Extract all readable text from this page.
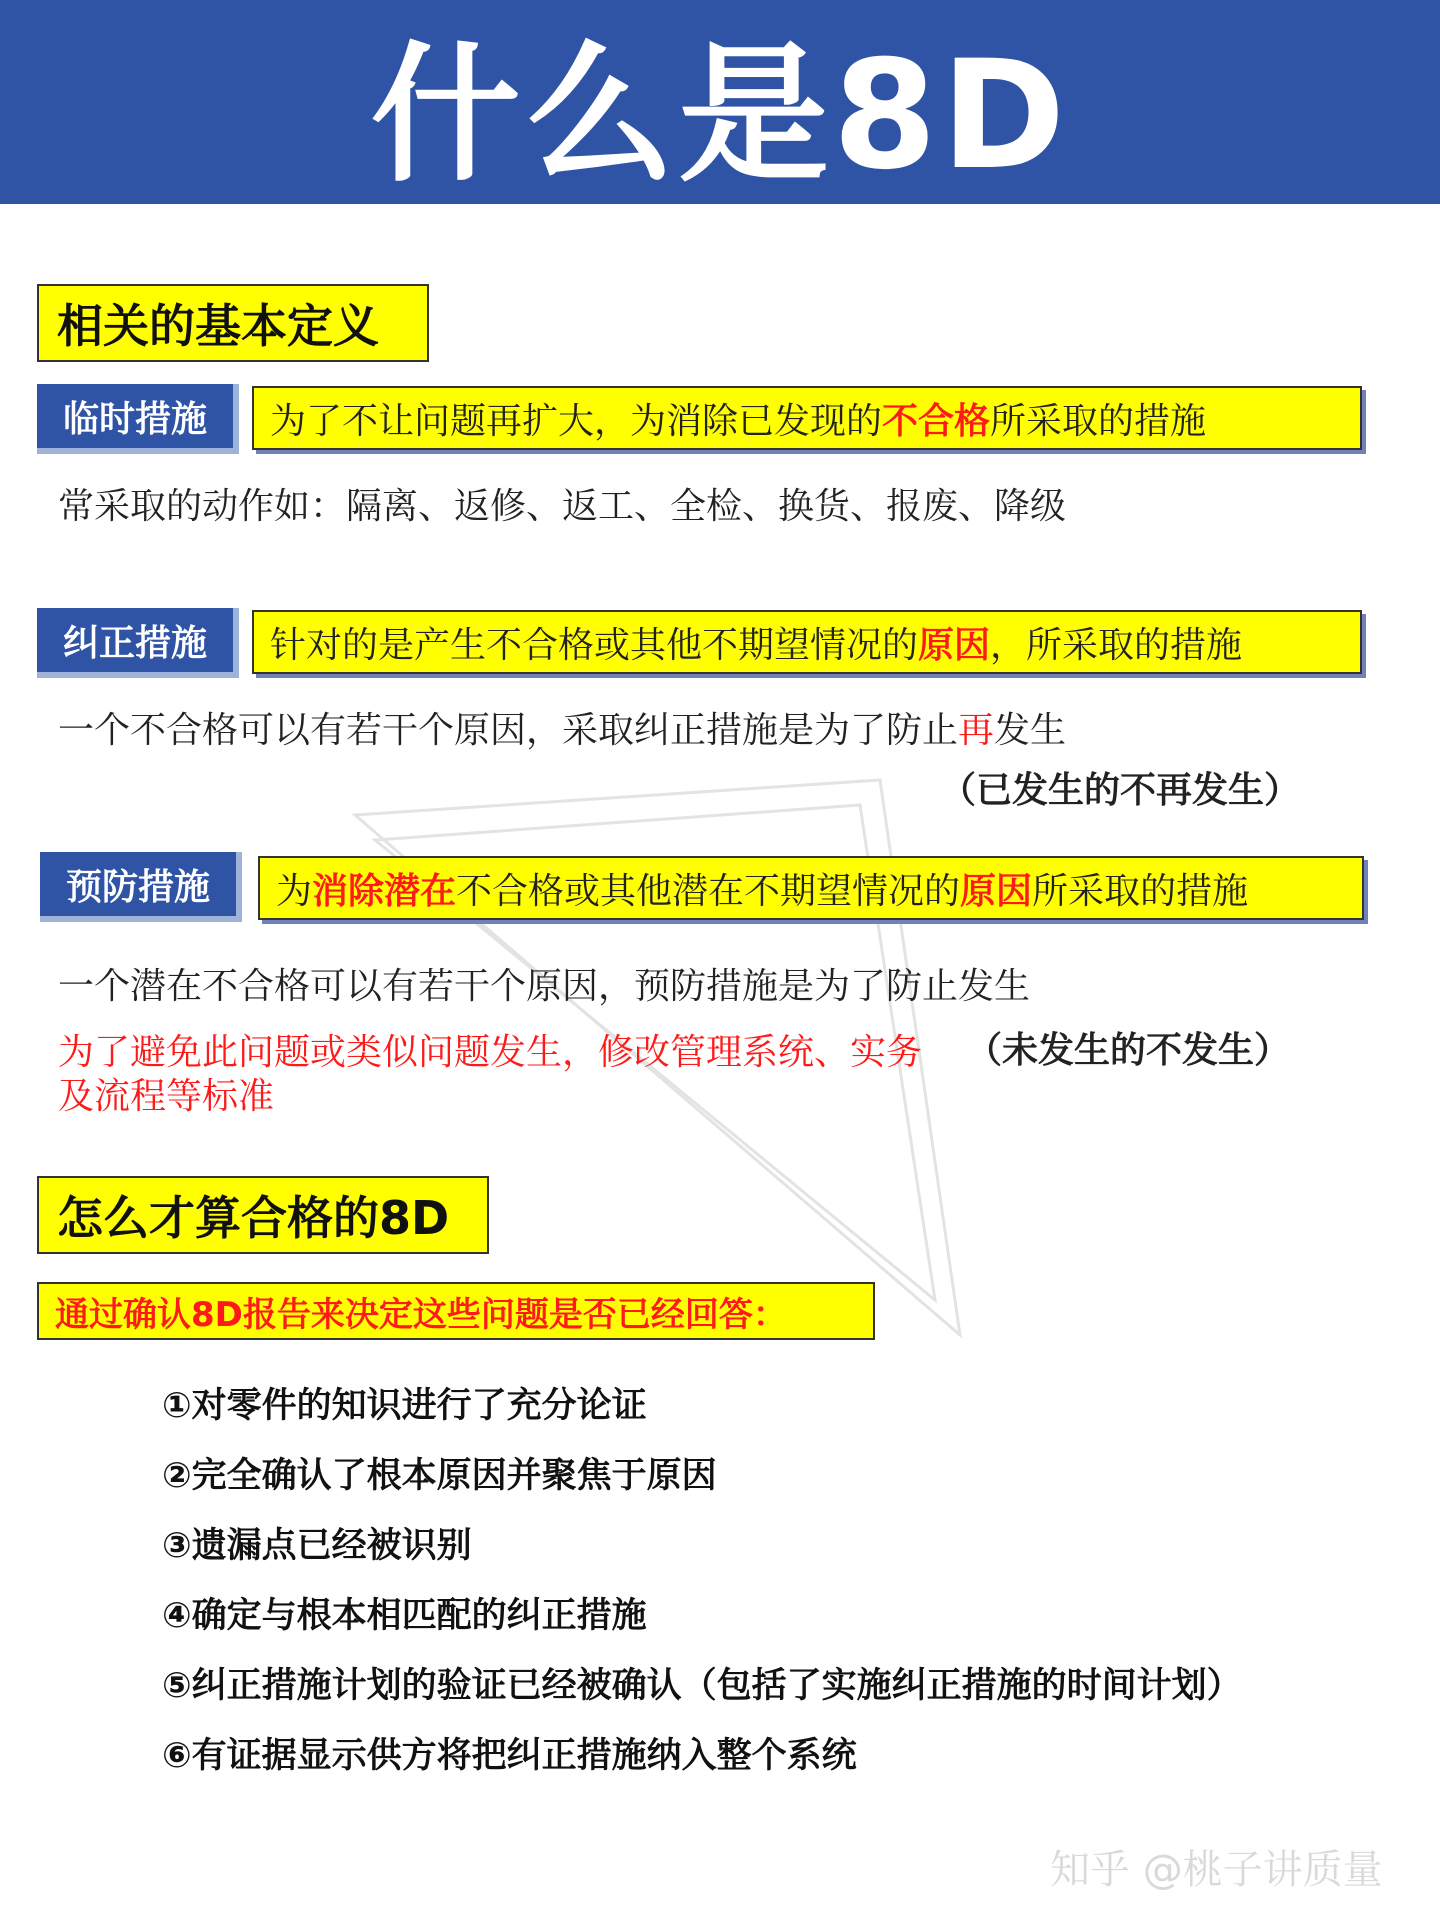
什么是8D
相关的基本定义
临时措施	为了不让问题再扩大，为消除已发现的 不合格 所采取的措施
常采取的动作如：隔离、返修、返工、全检、换货、报废、降级
纠正措施	针对的是产生不合格或其他不期望情况的 原因 ，所采取的措施
一个不合格可以有若干个原因，采取纠正措施是为了防止再发生
（已发生的不再发生）
预防措施	为 消除潜在 不合格或其他潜在不期望情况的 原因 所采取的措施
一个潜在不合格可以有若干个原因，预防措施是为了防止发生
为了避免此问题或类似问题发生，修改管理系统、实务 （未发生的不发生）
及流程等标准
怎么才算合格的8D
通过确认8D报告来决定这些问题是否已经回答：
①对零件的知识进行了充分论证
②完全确认了根本原因并聚焦于原因
③遗漏点已经被识别
④确定与根本相匹配的纠正措施
⑤纠正措施计划的验证已经被确认（包括了实施纠正措施的时间计划）
⑥有证据显示供方将把纠正措施纳入整个系统
知乎 @桃子讲质量
